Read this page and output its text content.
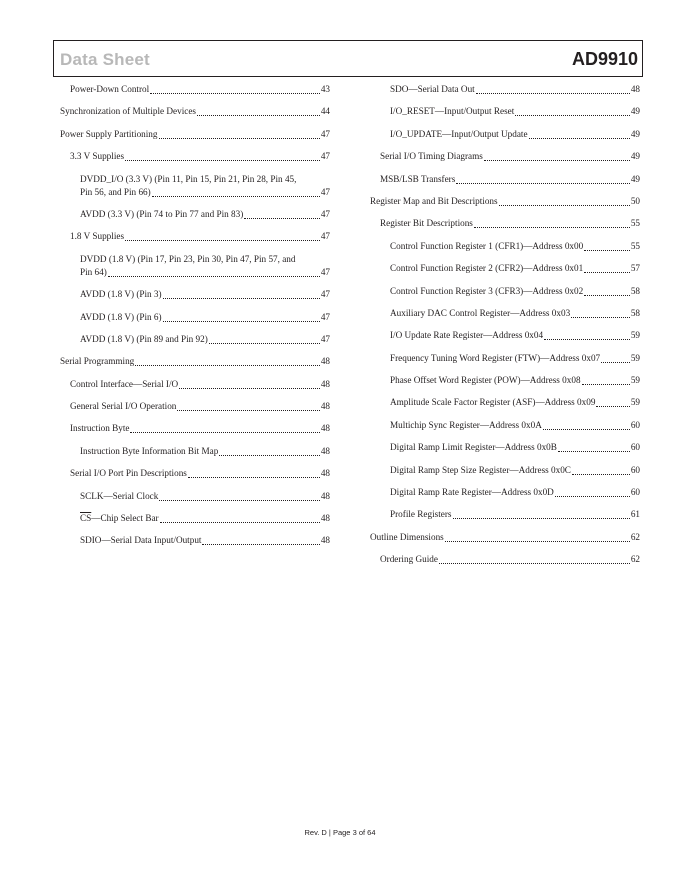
Data Sheet	AD9910
Power-Down Control	43
Synchronization of Multiple Devices	44
Power Supply Partitioning	47
3.3 V Supplies	47
DVDD_I/O (3.3 V) (Pin 11, Pin 15, Pin 21, Pin 28, Pin 45,
Pin 56, and Pin 66)	47
AVDD (3.3 V) (Pin 74 to Pin 77 and Pin 83)	47
1.8 V Supplies	47
DVDD (1.8 V) (Pin 17, Pin 23, Pin 30, Pin 47, Pin 57, and
Pin 64)	47
AVDD (1.8 V) (Pin 3)	47
AVDD (1.8 V) (Pin 6)	47
AVDD (1.8 V) (Pin 89 and Pin 92)	47
Serial Programming	48
Control Interface—Serial I/O	48
General Serial I/O Operation	48
Instruction Byte	48
Instruction Byte Information Bit Map	48
Serial I/O Port Pin Descriptions	48
SCLK—Serial Clock	48
$\overline{CS}—Chip$ Select Bar	48
SDIO—Serial Data Input/Output	48
SDO—Serial Data Out	48
I/O_RESET—Input/Output Reset	49
I/O_UPDATE—Input/Output Update	49
Serial I/O Timing Diagrams	49
MSB/LSB Transfers	49
Register Map and Bit Descriptions	50
Register Bit Descriptions	55
Control Function Register 1 (CFR1)—Address 0x00	55
Control Function Register 2 (CFR2)—Address 0x01	57
Control Function Register 3 (CFR3)—Address 0x02	58
Auxiliary DAC Control Register—Address 0x03	58
I/O Update Rate Register—Address 0x04	59
Frequency Tuning Word Register (FTW)—Address 0x07	59
Phase Offset Word Register (POW)—Address 0x08	59
Amplitude Scale Factor Register (ASF)—Address 0x09	59
Multichip Sync Register—Address 0x0A	60
Digital Ramp Limit Register—Address 0x0B	60
Digital Ramp Step Size Register—Address 0x0C	60
Digital Ramp Rate Register—Address 0x0D	60
Profile Registers	61
Outline Dimensions	62
Ordering Guide	62
Rev. D | Page 3 of 64
